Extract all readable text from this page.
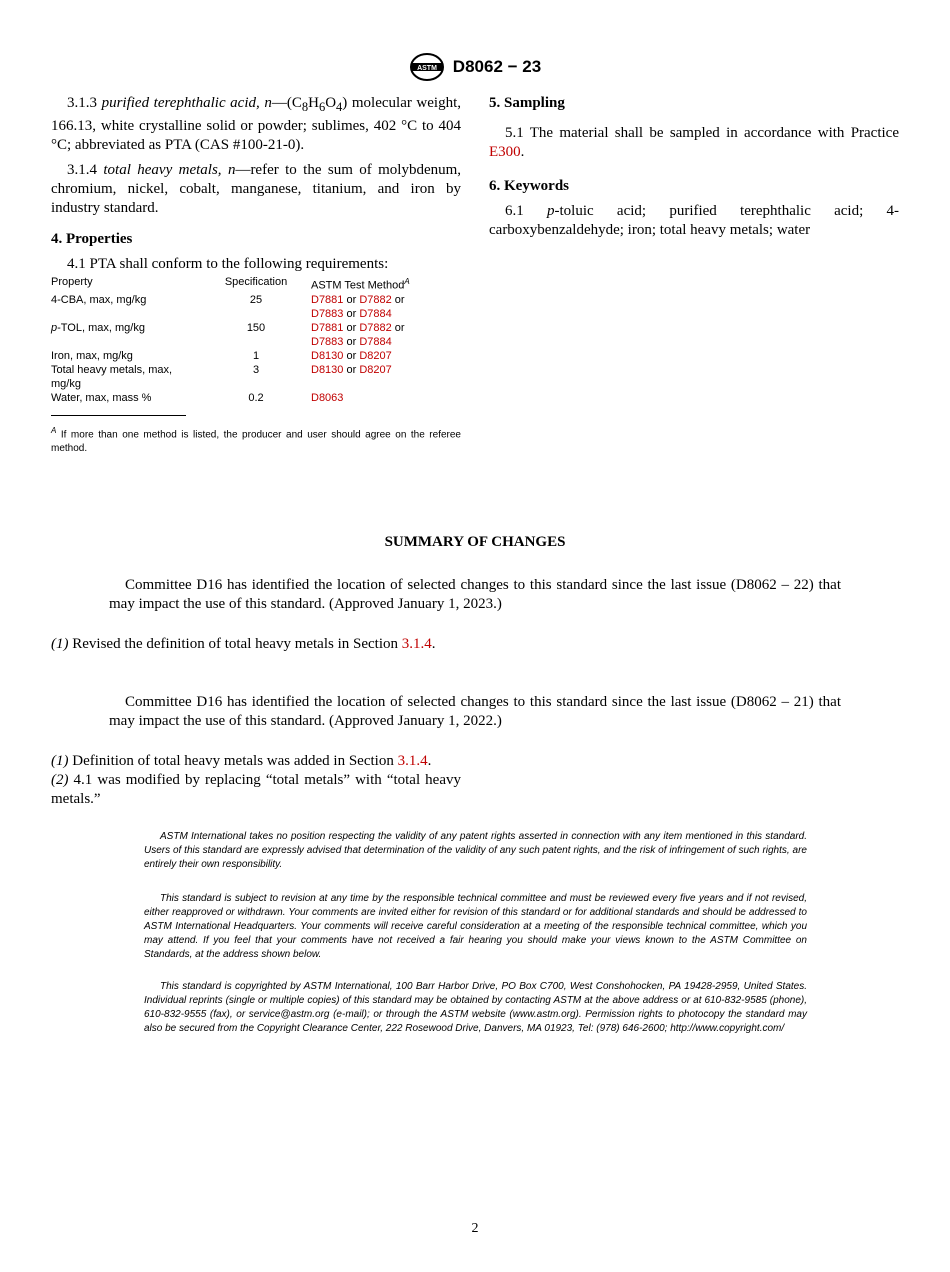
ASTM D8062 − 23

3.1.3 purified terephthalic acid, $n—(C_8H_6O_4)$ molecular weight, 166.13, white crystalline solid or powder; sublimes, 402 °C to 404 °C; abbreviated as PTA (CAS #100-21-0).

3.1.4 total heavy metals, n—refer to the sum of molybdenum, chromium, nickel, cobalt, manganese, titanium, and iron by industry standard.

4. Properties

4.1 PTA shall conform to the following requirements:

Property	Specification	ASTM Test Method$^A$
4-CBA, max, mg/kg	25	D7881 or D7882 or
D7883 or D7884
p-TOL, max, mg/kg	150	D7881 or D7882 or
D7883 or D7884
Iron, max, mg/kg	1	D8130 or D8207
Total heavy metals, max, mg/kg	3	D8130 or D8207
Water, max, mass %	0.2	D8063
$^A$ If more than one method is listed, the producer and user should agree on the referee method.

5. Sampling

5.1 The material shall be sampled in accordance with Practice E300.

6. Keywords

6.1 p-toluic acid; purified terephthalic acid; 4-carboxybenzaldehyde; iron; total heavy metals; water

SUMMARY OF CHANGES
Committee D16 has identified the location of selected changes to this standard since the last issue (D8062 – 22) that may impact the use of this standard. (Approved January 1, 2023.)
(1) Revised the definition of total heavy metals in Section 3.1.4.
Committee D16 has identified the location of selected changes to this standard since the last issue (D8062 – 21) that may impact the use of this standard. (Approved January 1, 2022.)

(1) Definition of total heavy metals was added in Section 3.1.4.

(2) 4.1 was modified by replacing “total metals” with “total heavy metals.”

ASTM International takes no position respecting the validity of any patent rights asserted in connection with any item mentioned in this standard. Users of this standard are expressly advised that determination of the validity of any such patent rights, and the risk of infringement of such rights, are entirely their own responsibility.
This standard is subject to revision at any time by the responsible technical committee and must be reviewed every five years and if not revised, either reapproved or withdrawn. Your comments are invited either for revision of this standard or for additional standards and should be addressed to ASTM International Headquarters. Your comments will receive careful consideration at a meeting of the responsible technical committee, which you may attend. If you feel that your comments have not received a fair hearing you should make your views known to the ASTM Committee on Standards, at the address shown below.
This standard is copyrighted by ASTM International, 100 Barr Harbor Drive, PO Box C700, West Conshohocken, PA 19428-2959, United States. Individual reprints (single or multiple copies) of this standard may be obtained by contacting ASTM at the above address or at 610-832-9585 (phone), 610-832-9555 (fax), or service@astm.org (e-mail); or through the ASTM website (www.astm.org). Permission rights to photocopy the standard may also be secured from the Copyright Clearance Center, 222 Rosewood Drive, Danvers, MA 01923, Tel: (978) 646-2600; http://www.copyright.com/
2
